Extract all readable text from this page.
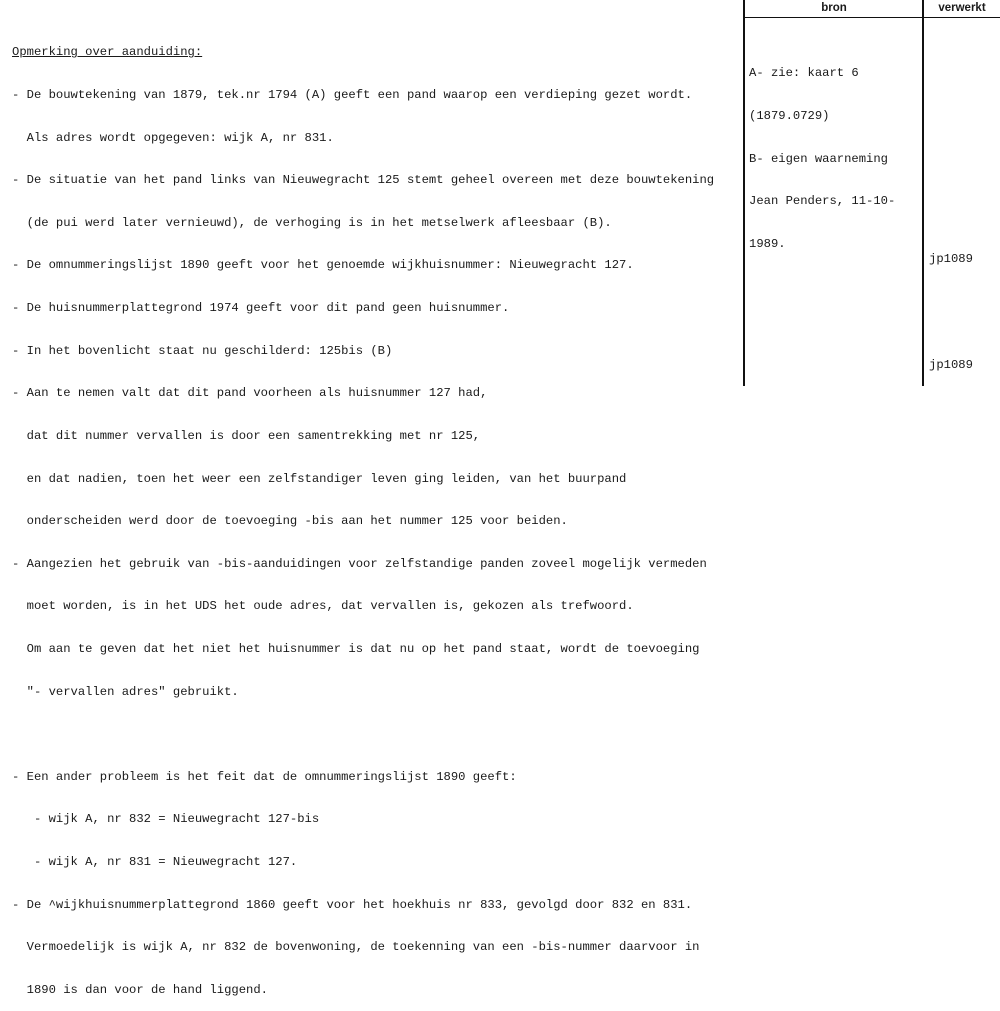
bron	verwerkt

Opmerking over aanduiding:

- De bouwtekening van 1879, tek.nr 1794 (A) geeft een pand waarop een verdieping gezet wordt.

Als adres wordt opgegeven: wijk A, nr 831.

- De situatie van het pand links van Nieuwegracht 125 stemt geheel overeen met deze bouwtekening

(de pui werd later vernieuwd), de verhoging is in het metselwerk afleesbaar (B).

- De omnummeringslijst 1890 geeft voor het genoemde wijkhuisnummer: Nieuwegracht 127.

- De huisnummerplattegrond 1974 geeft voor dit pand geen huisnummer.

- In het bovenlicht staat nu geschilderd: 125bis (B)

- Aan te nemen valt dat dit pand voorheen als huisnummer 127 had,

dat dit nummer vervallen is door een samentrekking met nr 125,

en dat nadien, toen het weer een zelfstandiger leven ging leiden, van het buurpand

onderscheiden werd door de toevoeging -bis aan het nummer 125 voor beiden.

- Aangezien het gebruik van -bis-aanduidingen voor zelfstandige panden zoveel mogelijk vermeden

moet worden, is in het UDS het oude adres, dat vervallen is, gekozen als trefwoord.

Om aan te geven dat het niet het huisnummer is dat nu op het pand staat, wordt de toevoeging

"- vervallen adres" gebruikt.

- Een ander probleem is het feit dat de omnummeringslijst 1890 geeft:

- wijk A, nr 832 = Nieuwegracht 127-bis

- wijk A, nr 831 = Nieuwegracht 127.

- De ^wijkhuisnummerplattegrond 1860 geeft voor het hoekhuis nr 833, gevolgd door 832 en 831.

Vermoedelijk is wijk A, nr 832 de bovenwoning, de toekenning van een -bis-nummer daarvoor in

1890 is dan voor de hand liggend.

A- zie: kaart 6

(1879.0729)

B- eigen waarneming

Jean Penders, 11-10-

1989.

jp1089
jp1089
